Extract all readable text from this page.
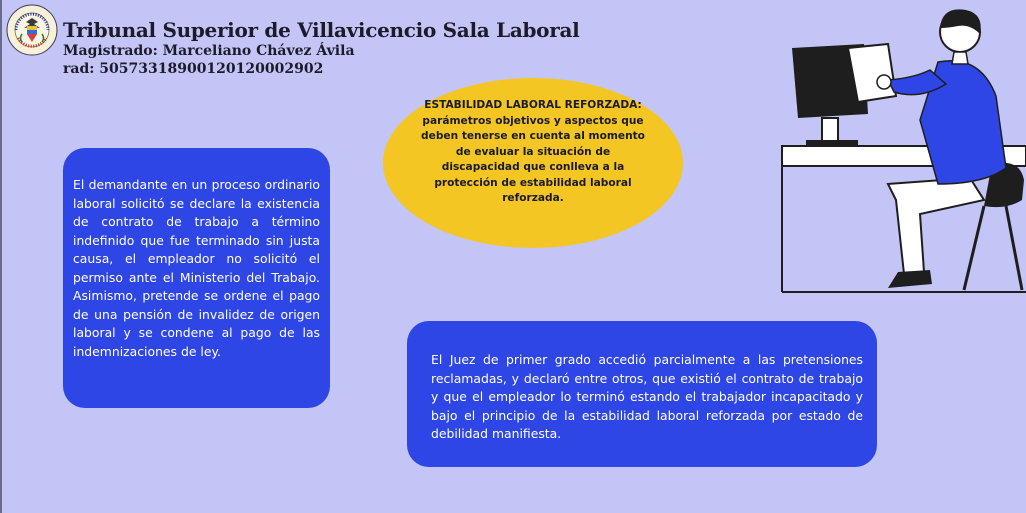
Tribunal Superior de Villavicencio Sala Laboral

Magistrado: Marceliano Chávez Ávila

rad: 50573318900120120002902

ESTABILIDAD LABORAL REFORZADA:
parámetros objetivos y aspectos que deben tenerse en cuenta al momento de evaluar la situación de discapacidad que conlleva a la protección de estabilidad laboral reforzada.
El demandante en un proceso ordinario laboral solicitó se declare la existencia de contrato de trabajo a término indefinido que fue terminado sin justa causa, el empleador no solicitó el permiso ante el Ministerio del Trabajo. Asimismo, pretende se ordene el pago de una pensión de invalidez de origen laboral y se condene al pago de las indemnizaciones de ley.
El Juez de primer grado accedió parcialmente a las pretensiones reclamadas, y declaró entre otros, que existió el contrato de trabajo y que el empleador lo terminó estando el trabajador incapacitado y bajo el principio de la estabilidad laboral reforzada por estado de debilidad manifiesta.
